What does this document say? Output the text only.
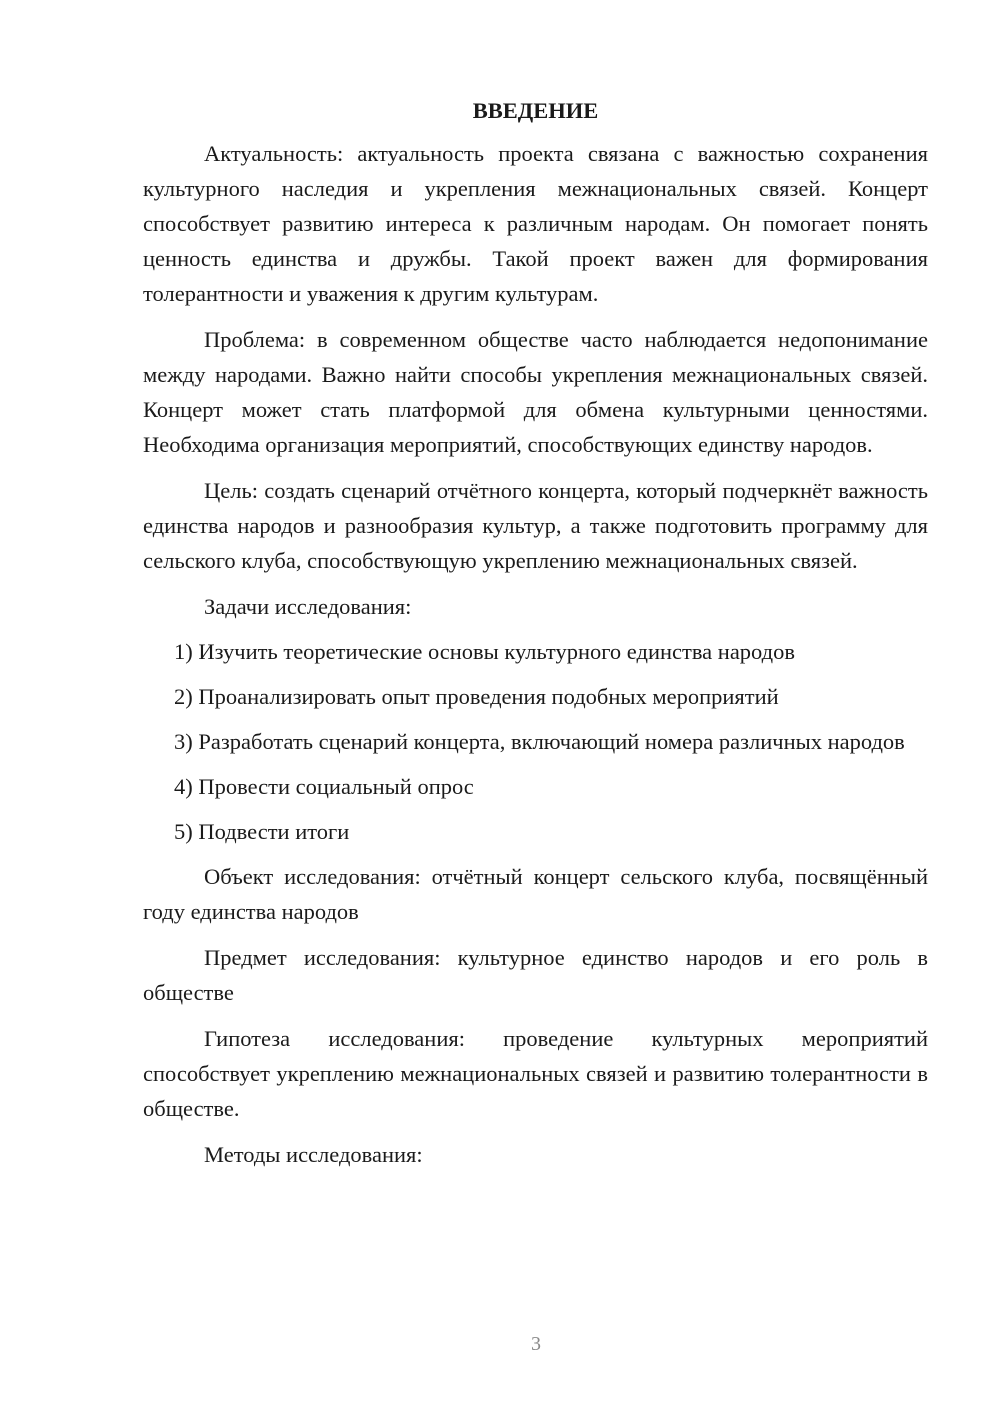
ВВЕДЕНИЕ

Актуальность: актуальность проекта связана с важностью сохранения культурного наследия и укрепления межнациональных связей. Концерт способствует развитию интереса к различным народам. Он помогает понять ценность единства и дружбы. Такой проект важен для формирования толерантности и уважения к другим культурам.

Проблема: в современном обществе часто наблюдается недопонимание между народами. Важно найти способы укрепления межнациональных связей. Концерт может стать платформой для обмена культурными ценностями. Необходима организация мероприятий, способствующих единству народов.

Цель: создать сценарий отчётного концерта, который подчеркнёт важность единства народов и разнообразия культур, а также подготовить программу для сельского клуба, способствующую укреплению межнациональных связей.

Задачи исследования:

1) Изучить теоретические основы культурного единства народов

2) Проанализировать опыт проведения подобных мероприятий

3) Разработать сценарий концерта, включающий номера различных народов

4) Провести социальный опрос

5) Подвести итоги

Объект исследования: отчётный концерт сельского клуба, посвящённый году единства народов

Предмет исследования: культурное единство народов и его роль в обществе

Гипотеза исследования: проведение культурных мероприятий способствует укреплению межнациональных связей и развитию толерантности в обществе.

Методы исследования:

3
